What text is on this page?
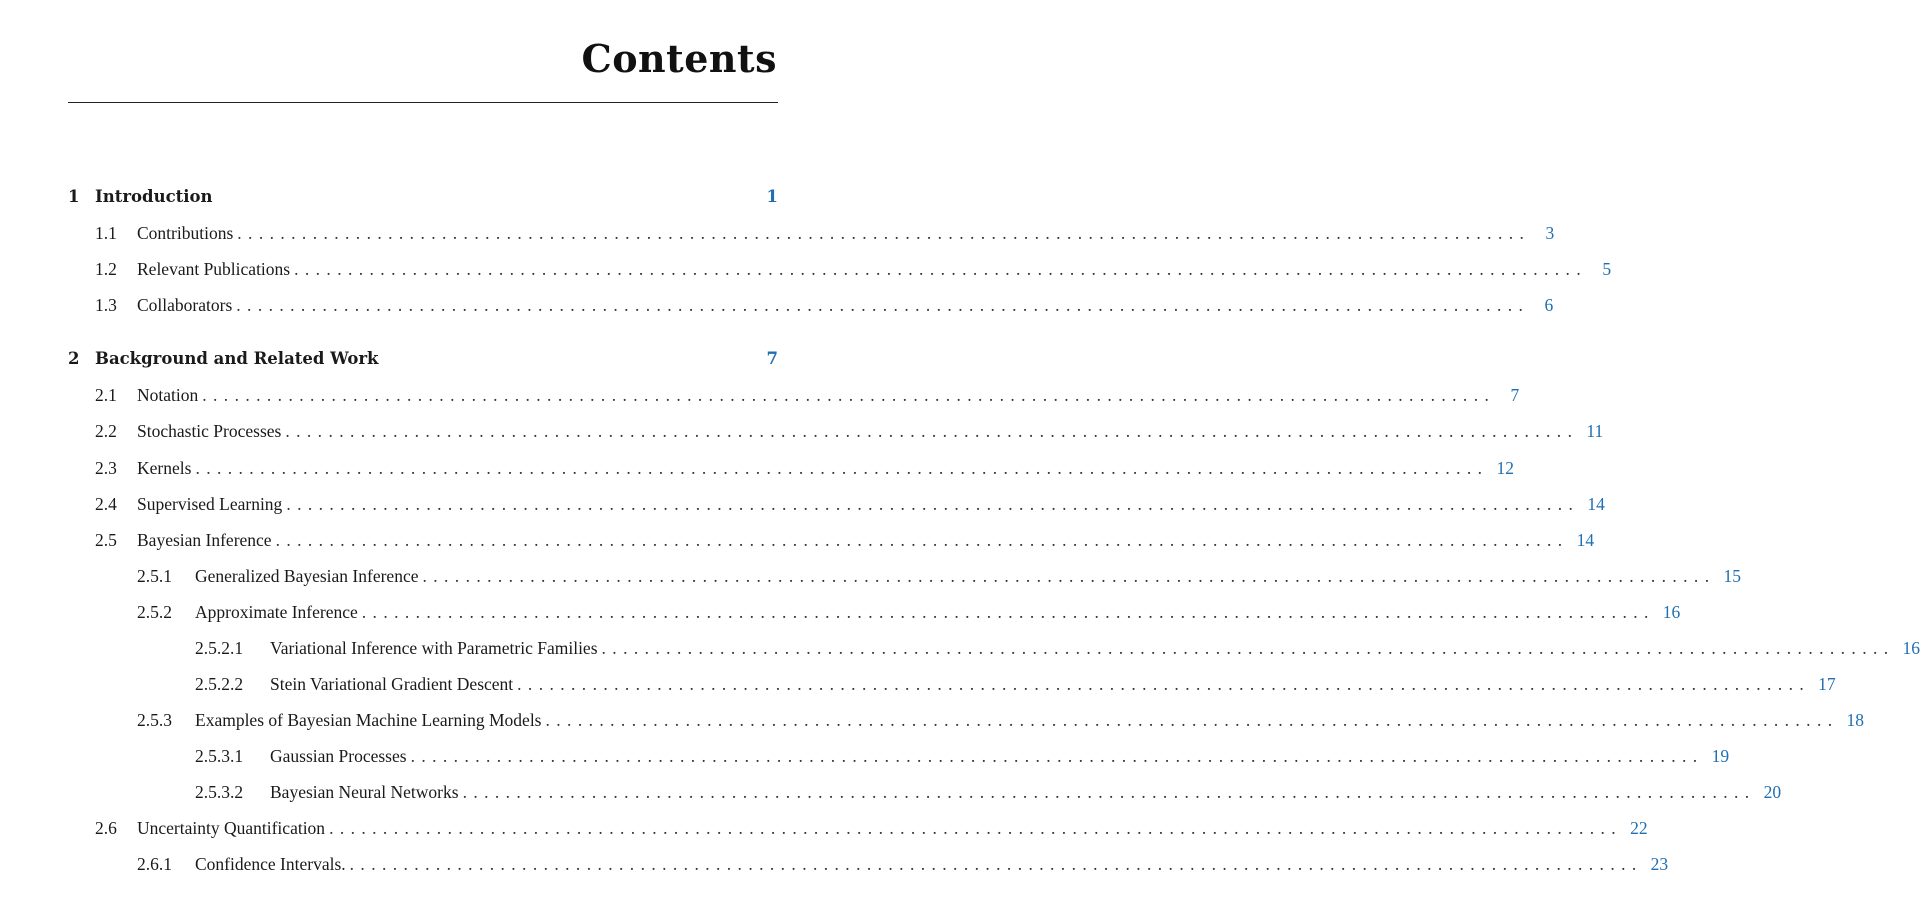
Contents
1 Introduction	1
1.1	Contributions ........................................................................................................................ 3
1.2	Relevant Publications ........................................................................................................................ 5
1.3	Collaborators ........................................................................................................................ 6
2 Background and Related Work	7
2.1	Notation ........................................................................................................................ 7
2.2	Stochastic Processes ........................................................................................................................ 11
2.3	Kernels ........................................................................................................................ 12
2.4	Supervised Learning ........................................................................................................................ 14
2.5	Bayesian Inference ........................................................................................................................ 14
2.5.1	Generalized Bayesian Inference ........................................................................................................................ 15
2.5.2	Approximate Inference ........................................................................................................................ 16
2.5.2.1	Variational Inference with Parametric Families ........................................................................................................................ 16
2.5.2.2	Stein Variational Gradient Descent ........................................................................................................................ 17
2.5.3	Examples of Bayesian Machine Learning Models ........................................................................................................................ 18
2.5.3.1	Gaussian Processes ........................................................................................................................ 19
2.5.3.2	Bayesian Neural Networks ........................................................................................................................ 20
2.6	Uncertainty Quantification ........................................................................................................................ 22
2.6.1	Confidence Intervals. ........................................................................................................................ 23
